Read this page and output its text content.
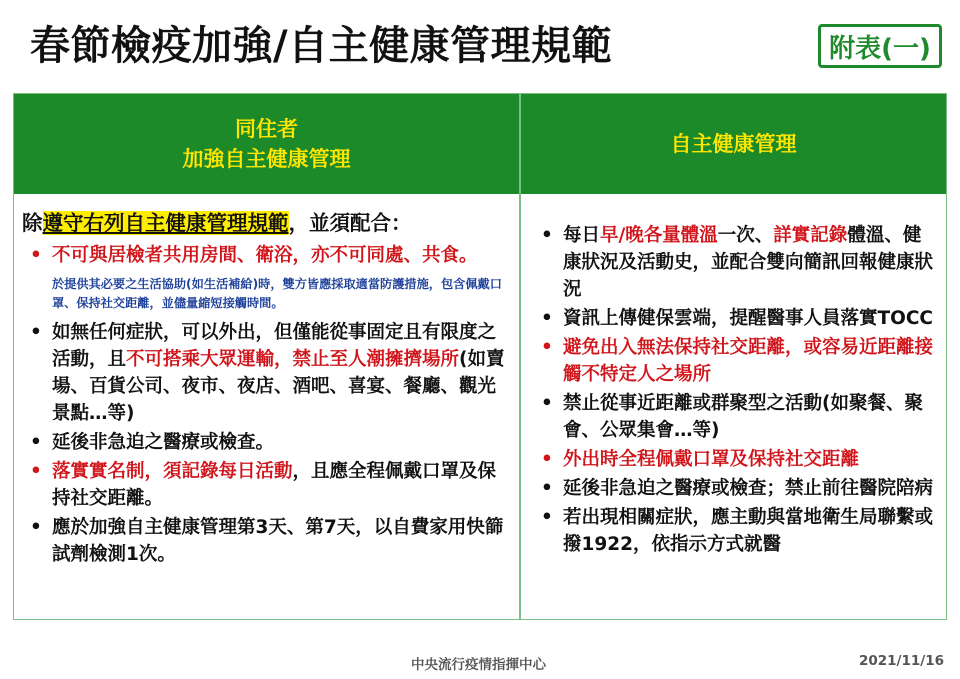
春節檢疫加強/自主健康管理規範	附表(一)
同住者
加強自主健康管理
自主健康管理
除遵守右列自主健康管理規範，並須配合：
• 不可與居檢者共用房間、衛浴，亦不可同處、共食。
於提供其必要之生活協助(如生活補給)時，雙方皆應採取適當防護措施，包含佩戴口罩、保持社交距離，並儘量縮短接觸時間。
• 如無任何症狀，可以外出，但僅能從事固定且有限度之活動，且不可搭乘大眾運輸，禁止至人潮擁擠場所(如賣場、百貨公司、夜市、夜店、酒吧、喜宴、餐廳、觀光景點…等)
• 延後非急迫之醫療或檢查。
• 落實實名制，須記錄每日活動，且應全程佩戴口罩及保持社交距離。
• 應於加強自主健康管理第3天、第7天，以自費家用快篩試劑檢測1次。
• 每日早/晚各量體溫一次、詳實記錄體溫、健康狀況及活動史，並配合雙向簡訊回報健康狀況
• 資訊上傳健保雲端，提醒醫事人員落實TOCC
• 避免出入無法保持社交距離，或容易近距離接觸不特定人之場所
• 禁止從事近距離或群聚型之活動(如聚餐、聚會、公眾集會…等)
• 外出時全程佩戴口罩及保持社交距離
• 延後非急迫之醫療或檢查；禁止前往醫院陪病
• 若出現相關症狀，應主動與當地衛生局聯繫或撥1922，依指示方式就醫
中央流行疫情指揮中心	2021/11/16
